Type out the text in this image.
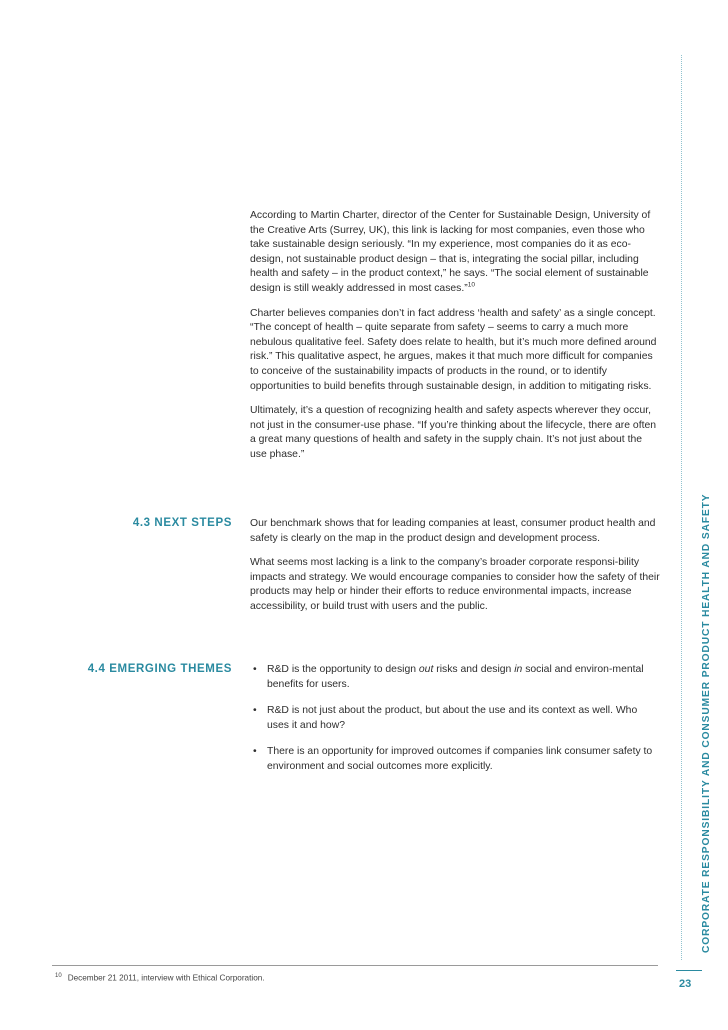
According to Martin Charter, director of the Center for Sustainable Design, University of the Creative Arts (Surrey, UK), this link is lacking for most companies, even those who take sustainable design seriously. “In my experience, most companies do it as eco-design, not sustainable product design – that is, integrating the social pillar, including health and safety – in the product context,” he says. “The social element of sustainable design is still weakly addressed in most cases.”$^{10}$

Charter believes companies don’t in fact address ‘health and safety’ as a single concept. “The concept of health – quite separate from safety – seems to carry a much more nebulous qualitative feel. Safety does relate to health, but it’s much more defined around risk.” This qualitative aspect, he argues, makes it that much more difficult for companies to conceive of the sustainability impacts of products in the round, or to identify opportunities to build benefits through sustainable design, in addition to mitigating risks.

Ultimately, it’s a question of recognizing health and safety aspects wherever they occur, not just in the consumer-use phase. “If you’re thinking about the lifecycle, there are often a great many questions of health and safety in the supply chain. It’s not just about the use phase.”

4.3 NEXT STEPS Our benchmark shows that for leading companies at least, consumer product health and safety is clearly on the map in the product design and development process.

What seems most lacking is a link to the company’s broader corporate responsi-bility impacts and strategy. We would encourage companies to consider how the safety of their products may help or hinder their efforts to reduce environmental impacts, increase accessibility, or build trust with users and the public.

4.4 EMERGING THEMES • R&D is the opportunity to design out risks and design in social and environ-mental benefits for users.
• R&D is not just about the product, but about the use and its context as well. Who uses it and how?
• There is an opportunity for improved outcomes if companies link consumer safety to environment and social outcomes more explicitly.	CORPORATE RESPONSIBILITY AND CONSUMER PRODUCT HEALTH AND SAFETY
$^{10}$ December 21 2011, interview with Ethical Corporation.	23
